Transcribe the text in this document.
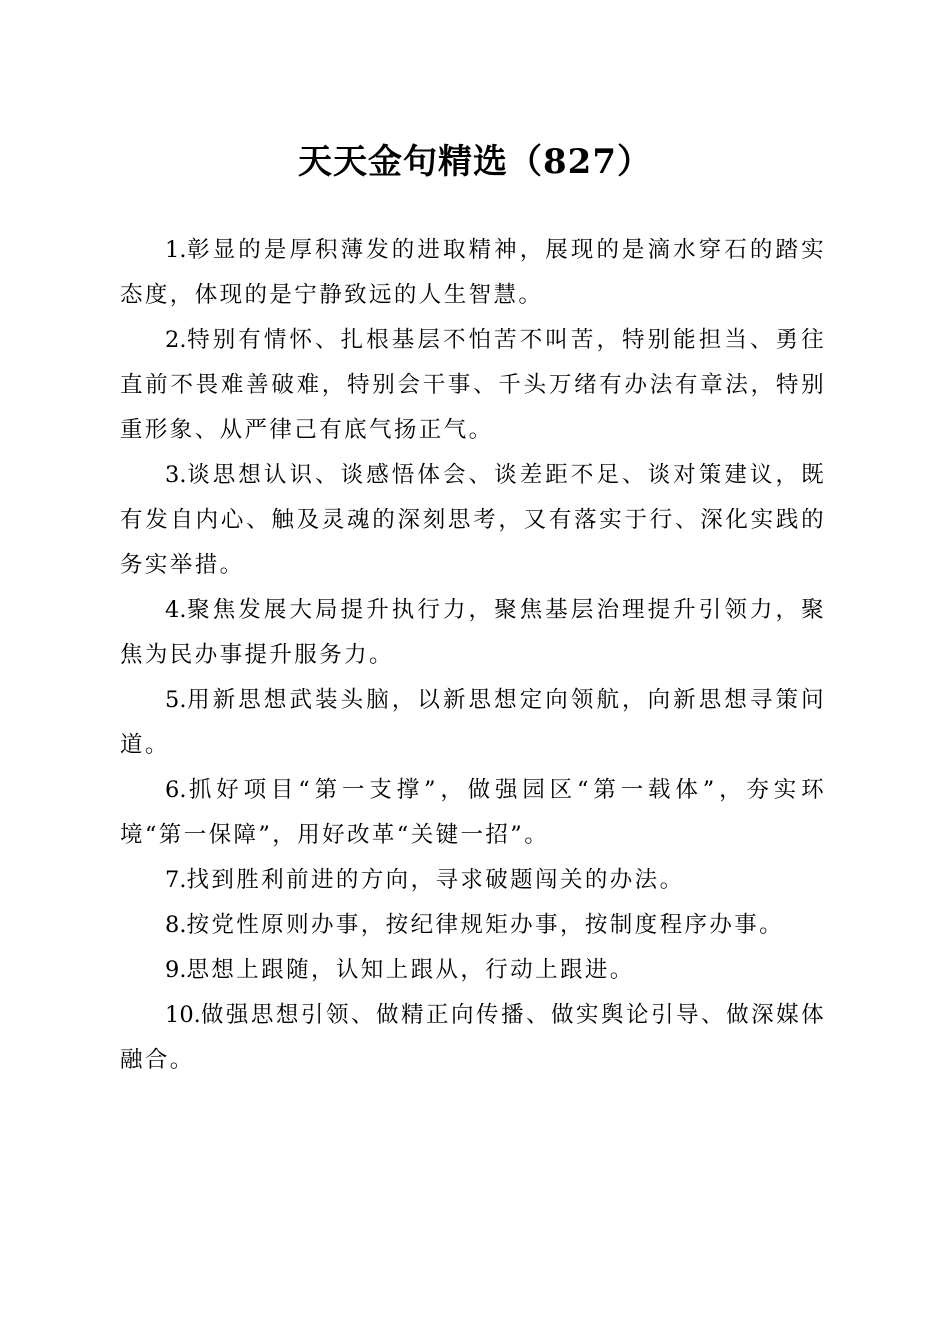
天天金句精选（827）

1.彰显的是厚积薄发的进取精神，展现的是滴水穿石的踏实态度，体现的是宁静致远的人生智慧。

2.特别有情怀、扎根基层不怕苦不叫苦，特别能担当、勇往直前不畏难善破难，特别会干事、千头万绪有办法有章法，特别重形象、从严律己有底气扬正气。

3.谈思想认识、谈感悟体会、谈差距不足、谈对策建议，既有发自内心、触及灵魂的深刻思考，又有落实于行、深化实践的务实举措。

4.聚焦发展大局提升执行力，聚焦基层治理提升引领力，聚焦为民办事提升服务力。

5.用新思想武装头脑，以新思想定向领航，向新思想寻策问道。

6.抓好项目“第一支撑”，做强园区“第一载体”，夯实环境“第一保障”，用好改革“关键一招”。

7.找到胜利前进的方向，寻求破题闯关的办法。

8.按党性原则办事，按纪律规矩办事，按制度程序办事。

9.思想上跟随，认知上跟从，行动上跟进。

10.做强思想引领、做精正向传播、做实舆论引导、做深媒体融合。
